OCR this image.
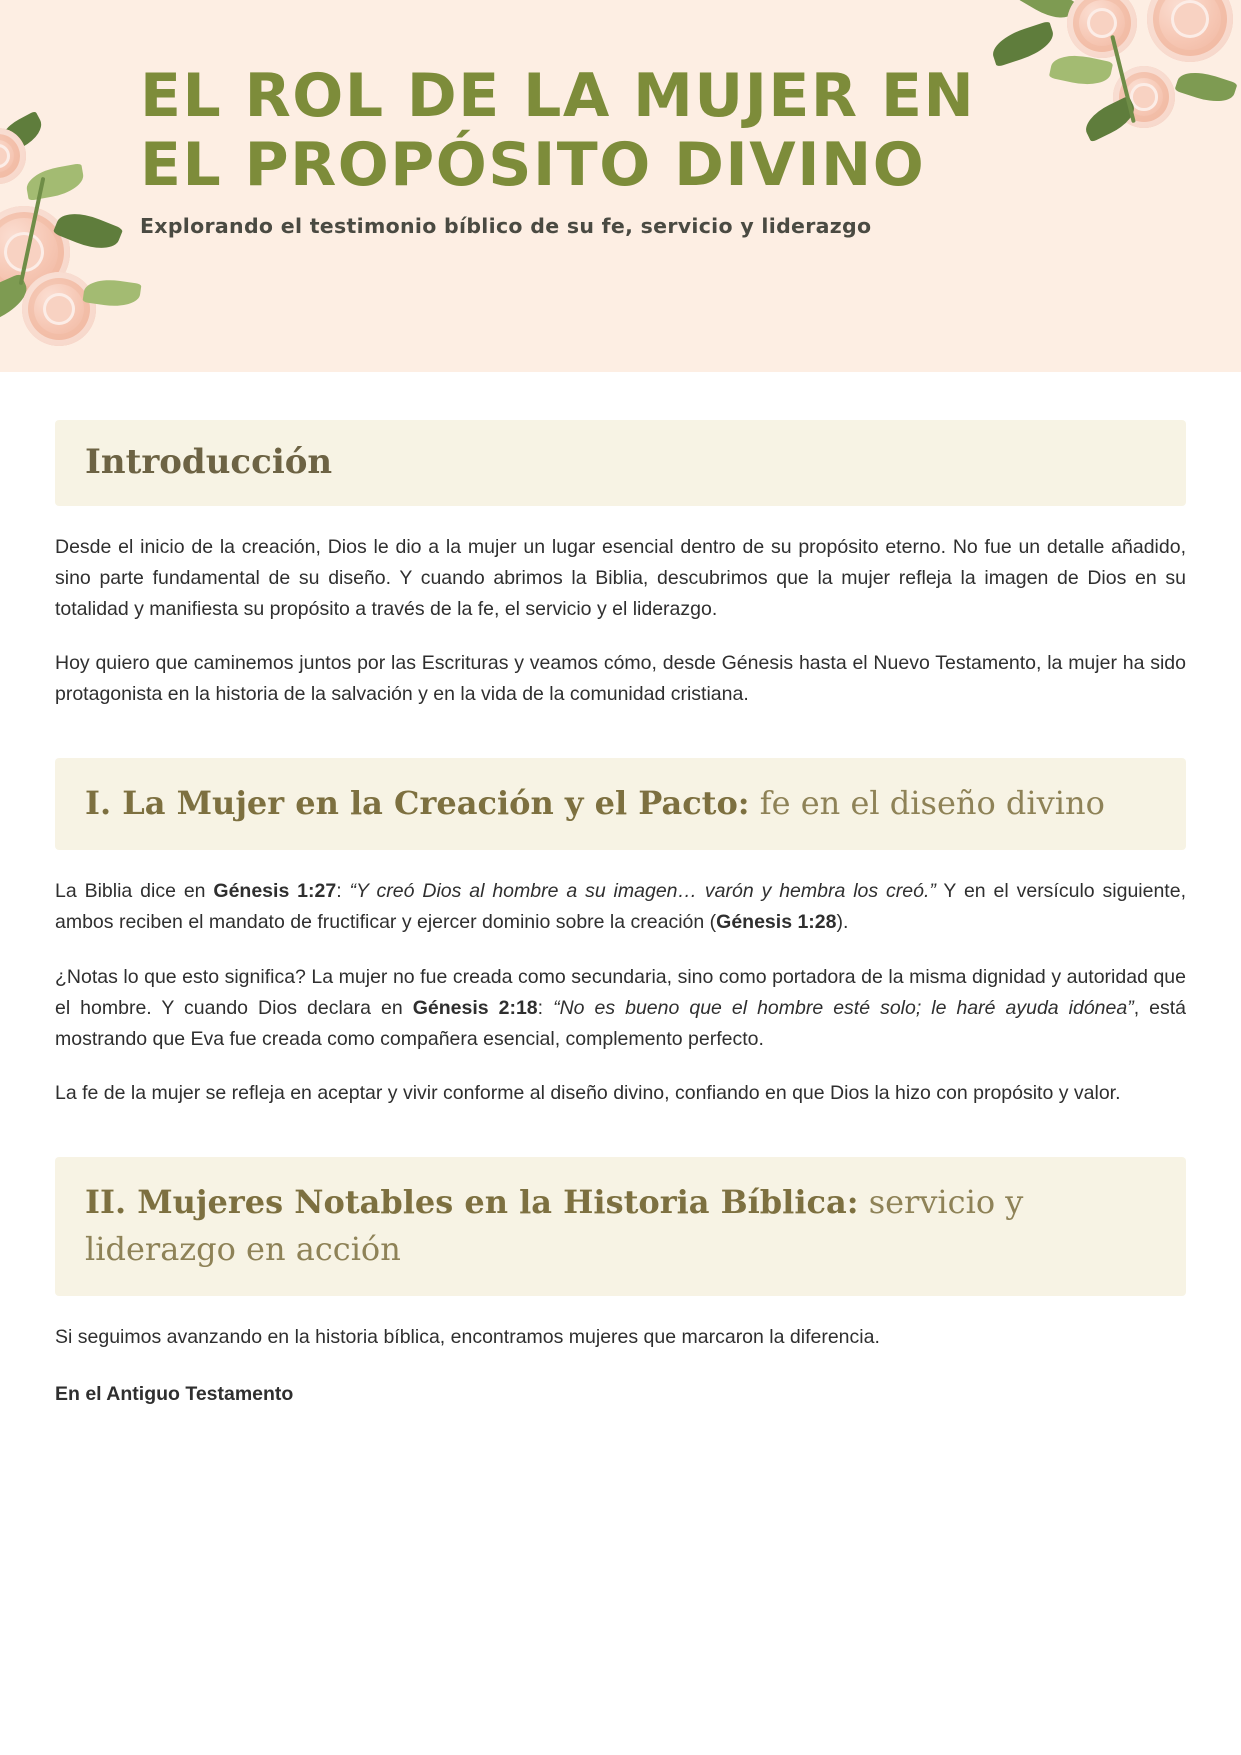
EL ROL DE LA MUJER EN EL PROPÓSITO DIVINO

Explorando el testimonio bíblico de su fe, servicio y liderazgo

Introducción

Desde el inicio de la creación, Dios le dio a la mujer un lugar esencial dentro de su propósito eterno. No fue un detalle añadido, sino parte fundamental de su diseño. Y cuando abrimos la Biblia, descubrimos que la mujer refleja la imagen de Dios en su totalidad y manifiesta su propósito a través de la fe, el servicio y el liderazgo.

Hoy quiero que caminemos juntos por las Escrituras y veamos cómo, desde Génesis hasta el Nuevo Testamento, la mujer ha sido protagonista en la historia de la salvación y en la vida de la comunidad cristiana.

I. La Mujer en la Creación y el Pacto: fe en el diseño divino

La Biblia dice en Génesis 1:27: “Y creó Dios al hombre a su imagen… varón y hembra los creó.” Y en el versículo siguiente, ambos reciben el mandato de fructificar y ejercer dominio sobre la creación (Génesis 1:28).

¿Notas lo que esto significa? La mujer no fue creada como secundaria, sino como portadora de la misma dignidad y autoridad que el hombre. Y cuando Dios declara en Génesis 2:18: “No es bueno que el hombre esté solo; le haré ayuda idónea”, está mostrando que Eva fue creada como compañera esencial, complemento perfecto.

La fe de la mujer se refleja en aceptar y vivir conforme al diseño divino, confiando en que Dios la hizo con propósito y valor.

II. Mujeres Notables en la Historia Bíblica: servicio y liderazgo en acción

Si seguimos avanzando en la historia bíblica, encontramos mujeres que marcaron la diferencia.

En el Antiguo Testamento
